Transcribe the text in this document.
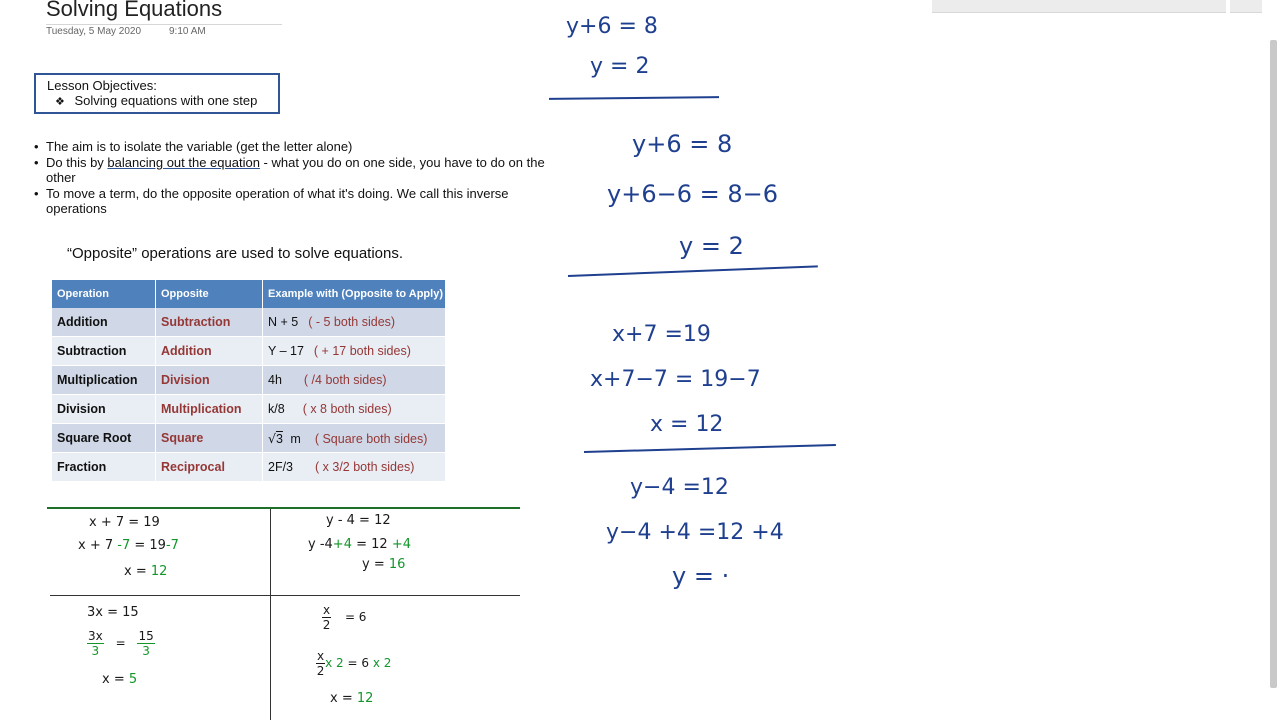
Solving Equations
Tuesday, 5 May 2020	9:10 AM
Lesson Objectives:
❖ Solving equations with one step
• The aim is to isolate the variable (get the letter alone)
• Do this by balancing out the equation - what you do on one side, you have to do on the other
• To move a term, do the opposite operation of what it's doing. We call this inverse operations
“Opposite” operations are used to solve equations.
Operation	Opposite	Example with (Opposite to Apply)
Addition	Subtraction	N + 5 ( - 5 both sides)
Subtraction	Addition	Y – 17 ( + 17 both sides)
Multiplication	Division	4h ( /4 both sides)
Division	Multiplication	k/8 ( x 8 both sides)
Square Root	Square	√3 m ( Square both sides)
Fraction	Reciprocal	2F/3 ( x 3/2 both sides)
x + 7 = 19
x + 7 -7 = 19-7
x = 12
y - 4 = 12
y -4+4 = 12 +4
y = 16
3x = 15
$\frac{3x}{3} = \frac{15}{3}$
x = 5
$\frac{x}{2} = 6$
$\frac{x}{2}$ x 2 = 6 x 2
x = 12
y+6 = 8
y = 2
y+6 = 8
y+6−6 = 8−6
y = 2
x+7 =19
x+7−7 = 19−7
x = 12
y−4 =12
y−4 +4 =12 +4
y = ·
